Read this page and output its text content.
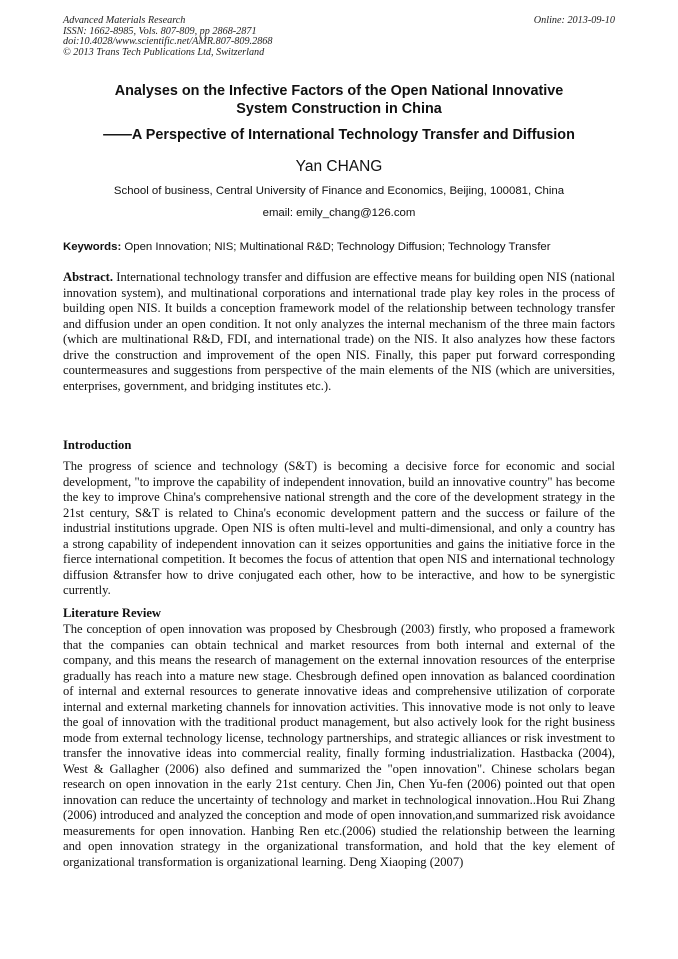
Advanced Materials Research
ISSN: 1662-8985, Vols. 807-809, pp 2868-2871
doi:10.4028/www.scientific.net/AMR.807-809.2868
© 2013 Trans Tech Publications Ltd, Switzerland
Online: 2013-09-10
Analyses on the Infective Factors of the Open National Innovative
System Construction in China
——A Perspective of International Technology Transfer and Diffusion
Yan CHANG
School of business, Central University of Finance and Economics, Beijing, 100081, China
email: emily_chang@126.com
Keywords: Open Innovation; NIS; Multinational R&D; Technology Diffusion; Technology Transfer

Abstract. International technology transfer and diffusion are effective means for building open NIS (national innovation system), and multinational corporations and international trade play key roles in the process of building open NIS. It builds a conception framework model of the relationship between technology transfer and diffusion under an open condition. It not only analyzes the internal mechanism of the three main factors (which are multinational R&D, FDI, and international trade) on the NIS. It also analyzes how these factors drive the construction and improvement of the open NIS. Finally, this paper put forward corresponding countermeasures and suggestions from perspective of the main elements of the NIS (which are universities, enterprises, government, and bridging institutes etc.).

Introduction

The progress of science and technology (S&T) is becoming a decisive force for economic and social development, "to improve the capability of independent innovation, build an innovative country" has become the key to improve China's comprehensive national strength and the core of the development strategy in the 21st century, S&T is related to China's economic development pattern and the success or failure of the industrial institutions upgrade. Open NIS is often multi-level and multi-dimensional, and only a country has a strong capability of independent innovation can it seizes opportunities and gains the initiative force in the fierce international competition. It becomes the focus of attention that open NIS and international technology diffusion &transfer how to drive conjugated each other, how to be interactive, and how to be synergistic currently.

Literature Review

The conception of open innovation was proposed by Chesbrough (2003) firstly, who proposed a framework that the companies can obtain technical and market resources from both internal and external of the company, and this means the research of management on the external innovation resources of the enterprise gradually has reach into a mature new stage. Chesbrough defined open innovation as balanced coordination of internal and external resources to generate innovative ideas and comprehensive utilization of corporate internal and external marketing channels for innovation activities. This innovative mode is not only to leave the goal of innovation with the traditional product management, but also actively look for the right business mode from external technology license, technology partnerships, and strategic alliances or risk investment to transfer the innovative ideas into commercial reality, finally forming industrialization. Hastbacka (2004), West & Gallagher (2006) also defined and summarized the "open innovation". Chinese scholars began research on open innovation in the early 21st century. Chen Jin, Chen Yu-fen (2006) pointed out that open innovation can reduce the uncertainty of technology and market in technological innovation..Hou Rui Zhang (2006) introduced and analyzed the conception and mode of open innovation,and summarized risk avoidance measurements for open innovation. Hanbing Ren etc.(2006) studied the relationship between the learning and open innovation strategy in the organizational transformation, and hold that the key element of organizational transformation is organizational learning. Deng Xiaoping (2007)
